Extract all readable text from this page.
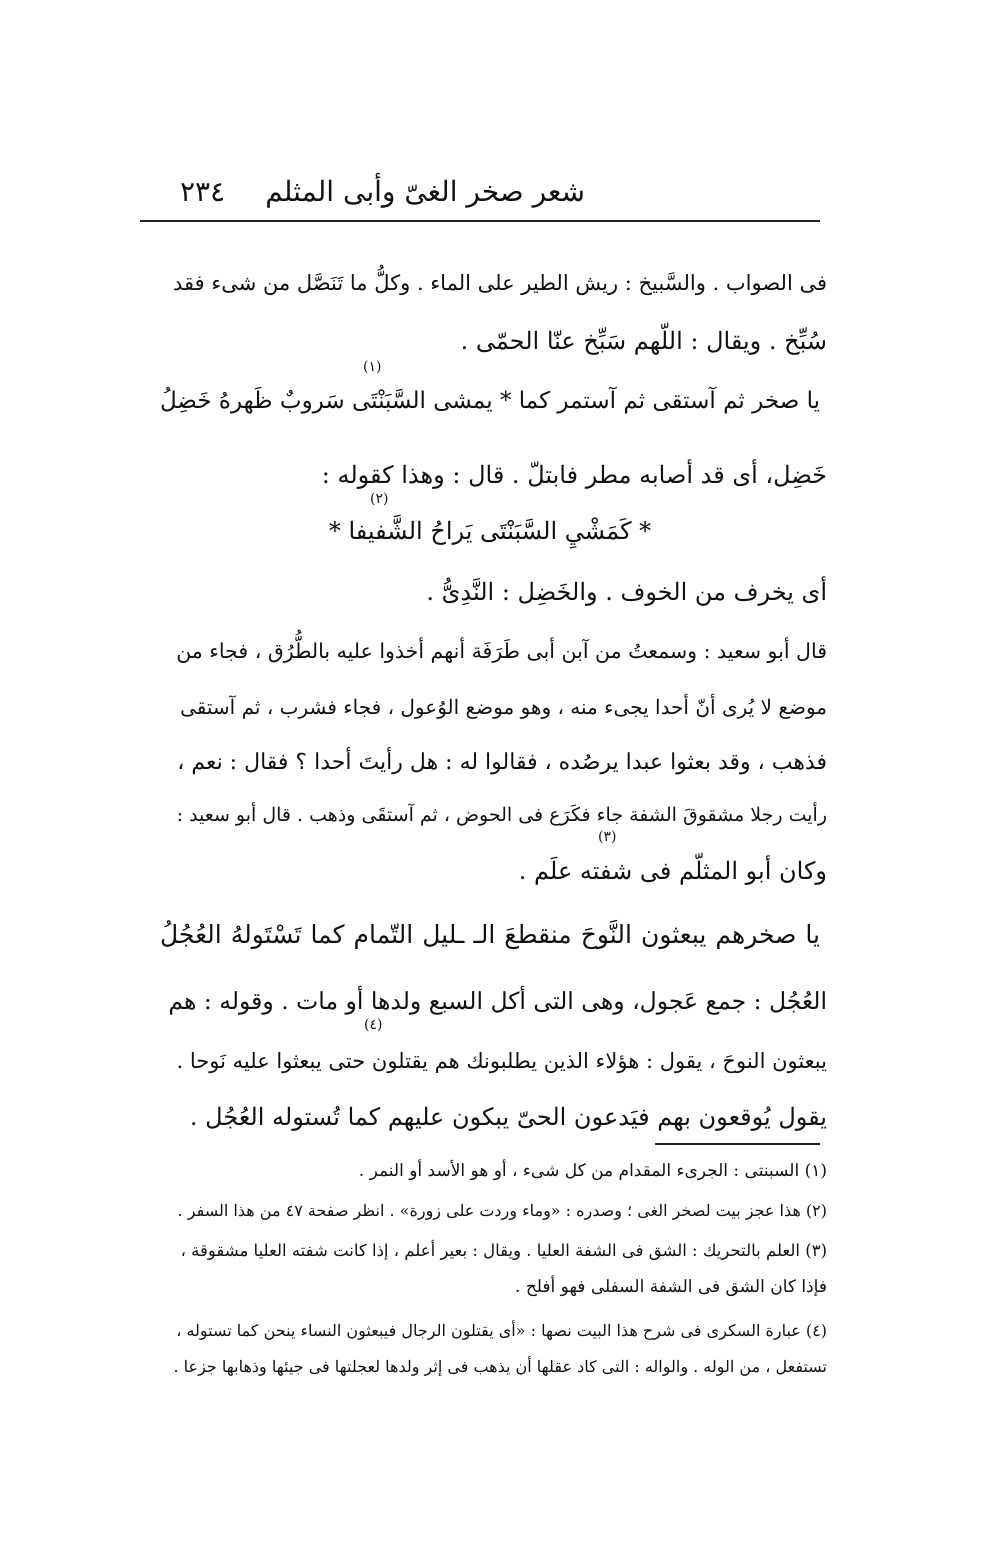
٢٣٤ شعر صخر الغىّ وأبى المثلم
فى الصواب . والسَّبيخ : ريش الطير على الماء . وكلُّ ما تَنَصَّل من شىء فقد
سُبِّخ . ويقال : اللّهم سَبِّخ عنّا الحمّى .
(١)
يا صخر ثم آستقى ثم آستمر كما * يمشى السَّبَنْتَى سَروبٌ ظَهرهُ خَضِلُ
خَضِل، أى قد أصابه مطر فابتلّ . قال : وهذا كقوله :
(٢)
* كَمَشْيِ السَّبَنْتَى يَراحُ الشَّفيفا *
أى يخرف من الخوف . والخَضِل : النَّدِىُّ .
قال أبو سعيد : وسمعتُ من آبن أبى طَرَفَة أنهم أخذوا عليه بالطُّرُق ، فجاء من
موضع لا يُرى أنّ أحدا يجىء منه ، وهو موضع الوُعول ، فجاء فشرب ، ثم آستقى
فذهب ، وقد بعثوا عبدا يرصُده ، فقالوا له : هل رأيتَ أحدا ؟ فقال : نعم ،
رأيت رجلا مشقوقَ الشفة جاء فكَرَع فى الحوض ، ثم آستقَى وذهب . قال أبو سعيد :
(٣)
وكان أبو المثلّم فى شفته علَم .
يا صخرهم يبعثون النَّوحَ منقطعَ الـ ـليل التّمام كما تَسْتَولهُ العُجُلُ
العُجُل : جمع عَجول، وهى التى أكل السبع ولدها أو مات . وقوله : هم
(٤)
يبعثون النوحَ ، يقول : هؤلاء الذين يطلبونك هم يقتلون حتى يبعثوا عليه نَوحا .
يقول يُوقعون بهم فيَدعون الحىّ يبكون عليهم كما تُستوله العُجُل .
(١) السبنتى : الجرىء المقدام من كل شىء ، أو هو الأسد أو النمر .
(٢) هذا عجز بيت لصخر الغى ؛ وصدره : «وماء وردت على زورة» . انظر صفحة ٤٧ من هذا السفر .
(٣) العلم بالتحريك : الشق فى الشفة العليا . ويقال : بعير أعلم ، إذا كانت شفته العليا مشقوقة ،
فإذا كان الشق فى الشفة السفلى فهو أفلح .
(٤) عبارة السكرى فى شرح هذا البيت نصها : «أى يقتلون الرجال فيبعثون النساء ينحن كما تستوله ،
تستفعل ، من الوله . والواله : التى كاد عقلها أن يذهب فى إثر ولدها لعجلتها فى جيئها وذهابها جزعا .
